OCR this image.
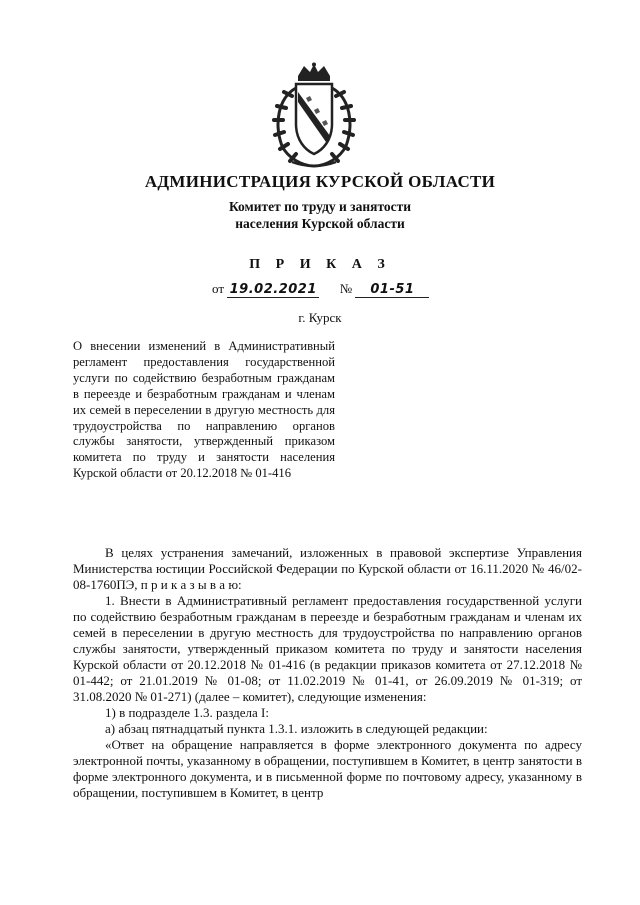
АДМИНИСТРАЦИЯ КУРСКОЙ ОБЛАСТИ
Комитет по труду и занятости
населения Курской области
П Р И К А З
от 19.02.2021 № 01-51
г. Курск
О внесении изменений в Административный регламент предоставления государственной услуги по содействию безработным гражданам в переезде и безработным гражданам и членам их семей в переселении в другую местность для трудоустройства по направлению органов службы занятости, утвержденный приказом комитета по труду и занятости населения Курской области от 20.12.2018 № 01-416

В целях устранения замечаний, изложенных в правовой экспертизе Управления Министерства юстиции Российской Федерации по Курской области от 16.11.2020 № 46/02-08-1760ПЭ, п р и к а з ы в а ю:

1. Внести в Административный регламент предоставления государственной услуги по содействию безработным гражданам в переезде и безработным гражданам и членам их семей в переселении в другую местность для трудоустройства по направлению органов службы занятости, утвержденный приказом комитета по труду и занятости населения Курской области от 20.12.2018 № 01-416 (в редакции приказов комитета от 27.12.2018 № 01-442; от 21.01.2019 № 01-08; от 11.02.2019 № 01-41, от 26.09.2019 № 01-319; от 31.08.2020 № 01-271) (далее – комитет), следующие изменения:

1) в подразделе 1.3. раздела I:

а) абзац пятнадцатый пункта 1.3.1. изложить в следующей редакции:

«Ответ на обращение направляется в форме электронного документа по адресу электронной почты, указанному в обращении, поступившем в Комитет, в центр занятости в форме электронного документа, и в письменной форме по почтовому адресу, указанному в обращении, поступившем в Комитет, в центр
